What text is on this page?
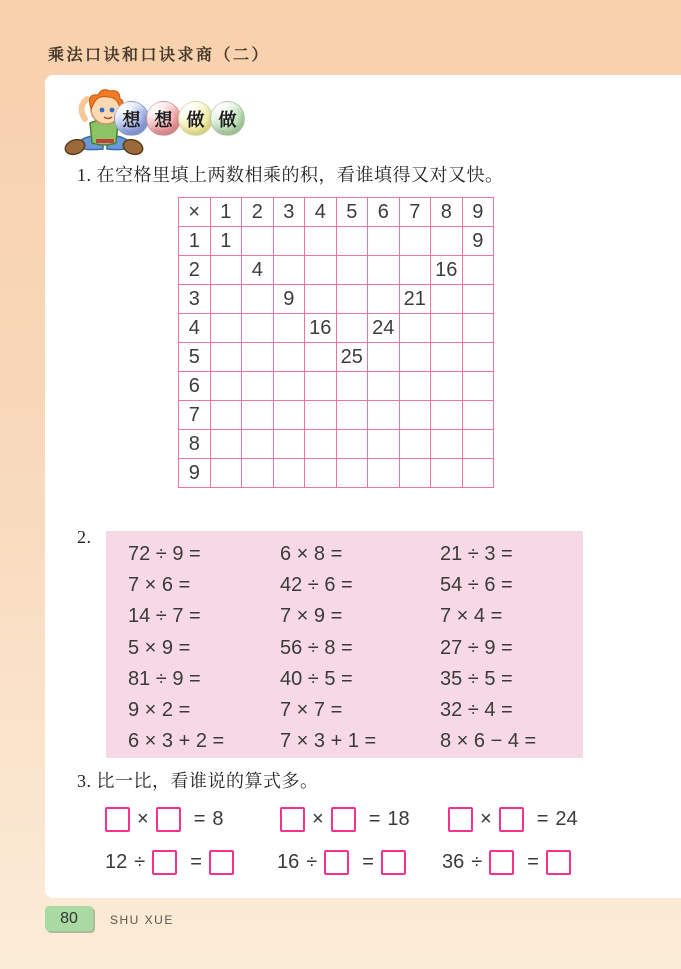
乘法口诀和口诀求商（二）
想 想 做 做
1. 在空格里填上两数相乘的积，看谁填得又对又快。
×	1	2	3	4	5	6	7	8	9
1	1								9
2		4						16	
3			9				21		
4				16		24			
5					25				
6									
7									
8									
9									
2.
72 ÷ 9 =	6 × 8 =	21 ÷ 3 =
7 × 6 =	42 ÷ 6 =	54 ÷ 6 =
14 ÷ 7 =	7 × 9 =	7 × 4 =
5 × 9 =	56 ÷ 8 =	27 ÷ 9 =
81 ÷ 9 =	40 ÷ 5 =	35 ÷ 5 =
9 × 2 =	7 × 7 =	32 ÷ 4 =
6 × 3 + 2 =	7 × 3 + 1 =	8 × 6 − 4 =
3. 比一比，看谁说的算式多。
× = 8	× = 18	× = 24
12 ÷ =	16 ÷ =	36 ÷ =
80	SHU XUE
